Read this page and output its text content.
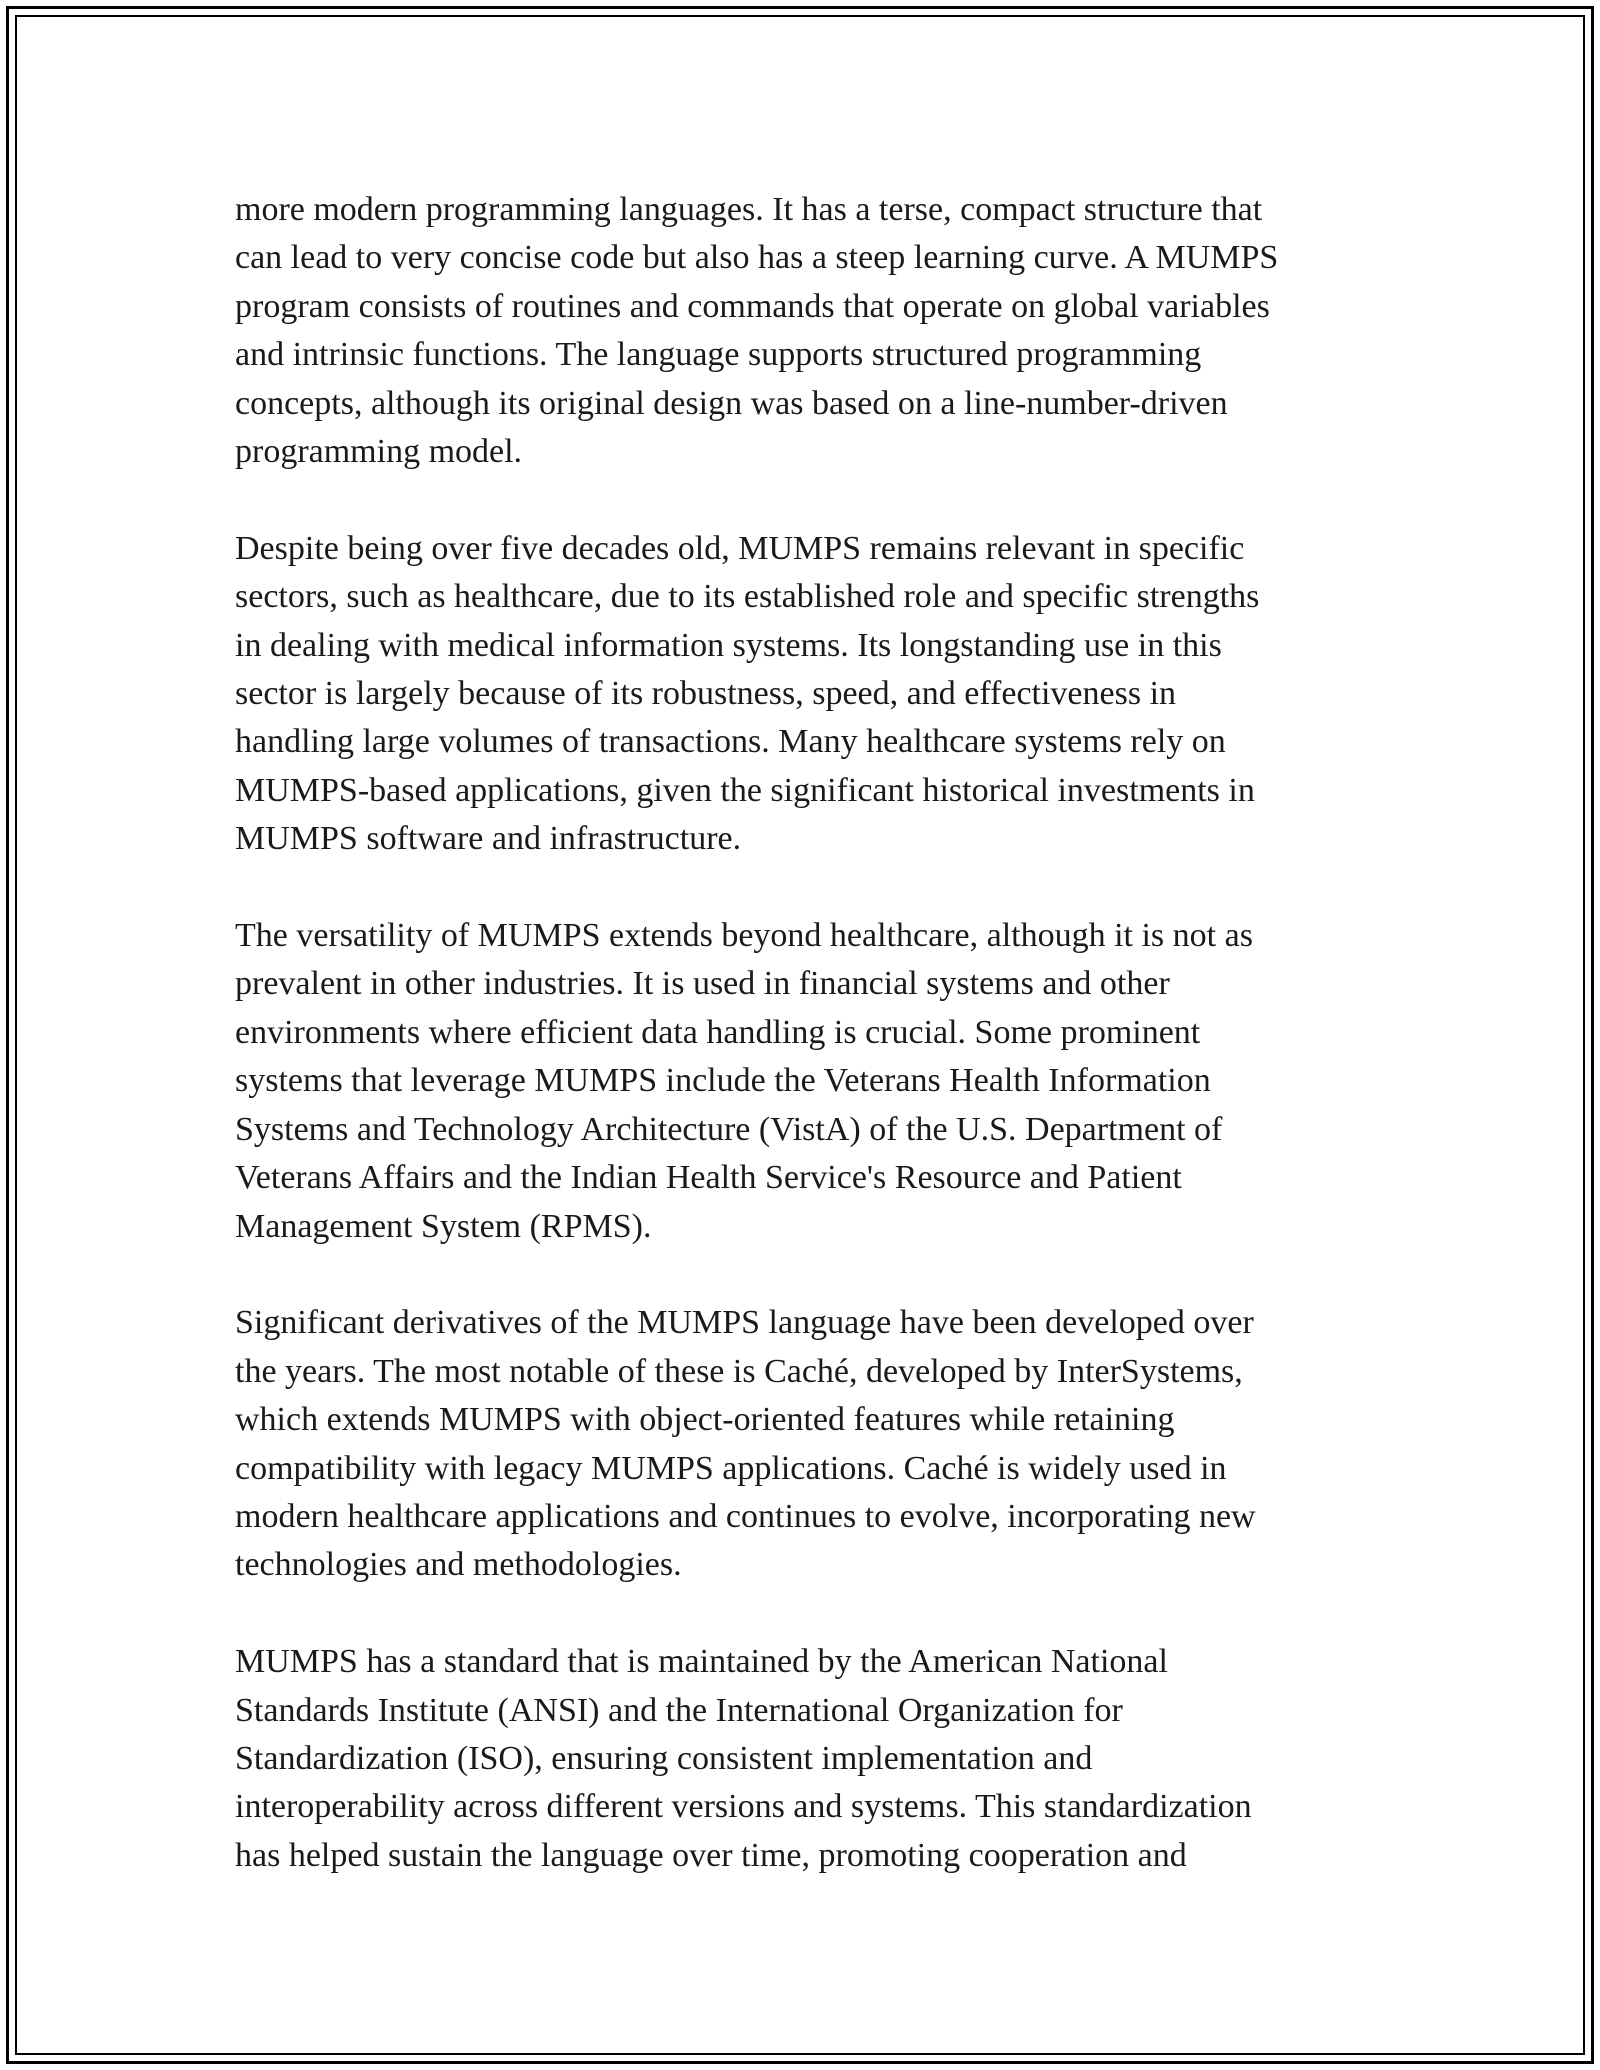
more modern programming languages. It has a terse, compact structure that
can lead to very concise code but also has a steep learning curve. A MUMPS
program consists of routines and commands that operate on global variables
and intrinsic functions. The language supports structured programming
concepts, although its original design was based on a line-number-driven
programming model.

Despite being over five decades old, MUMPS remains relevant in specific
sectors, such as healthcare, due to its established role and specific strengths
in dealing with medical information systems. Its longstanding use in this
sector is largely because of its robustness, speed, and effectiveness in
handling large volumes of transactions. Many healthcare systems rely on
MUMPS-based applications, given the significant historical investments in
MUMPS software and infrastructure.

The versatility of MUMPS extends beyond healthcare, although it is not as
prevalent in other industries. It is used in financial systems and other
environments where efficient data handling is crucial. Some prominent
systems that leverage MUMPS include the Veterans Health Information
Systems and Technology Architecture (VistA) of the U.S. Department of
Veterans Affairs and the Indian Health Service's Resource and Patient
Management System (RPMS).

Significant derivatives of the MUMPS language have been developed over
the years. The most notable of these is Caché, developed by InterSystems,
which extends MUMPS with object-oriented features while retaining
compatibility with legacy MUMPS applications. Caché is widely used in
modern healthcare applications and continues to evolve, incorporating new
technologies and methodologies.

MUMPS has a standard that is maintained by the American National
Standards Institute (ANSI) and the International Organization for
Standardization (ISO), ensuring consistent implementation and
interoperability across different versions and systems. This standardization
has helped sustain the language over time, promoting cooperation and
